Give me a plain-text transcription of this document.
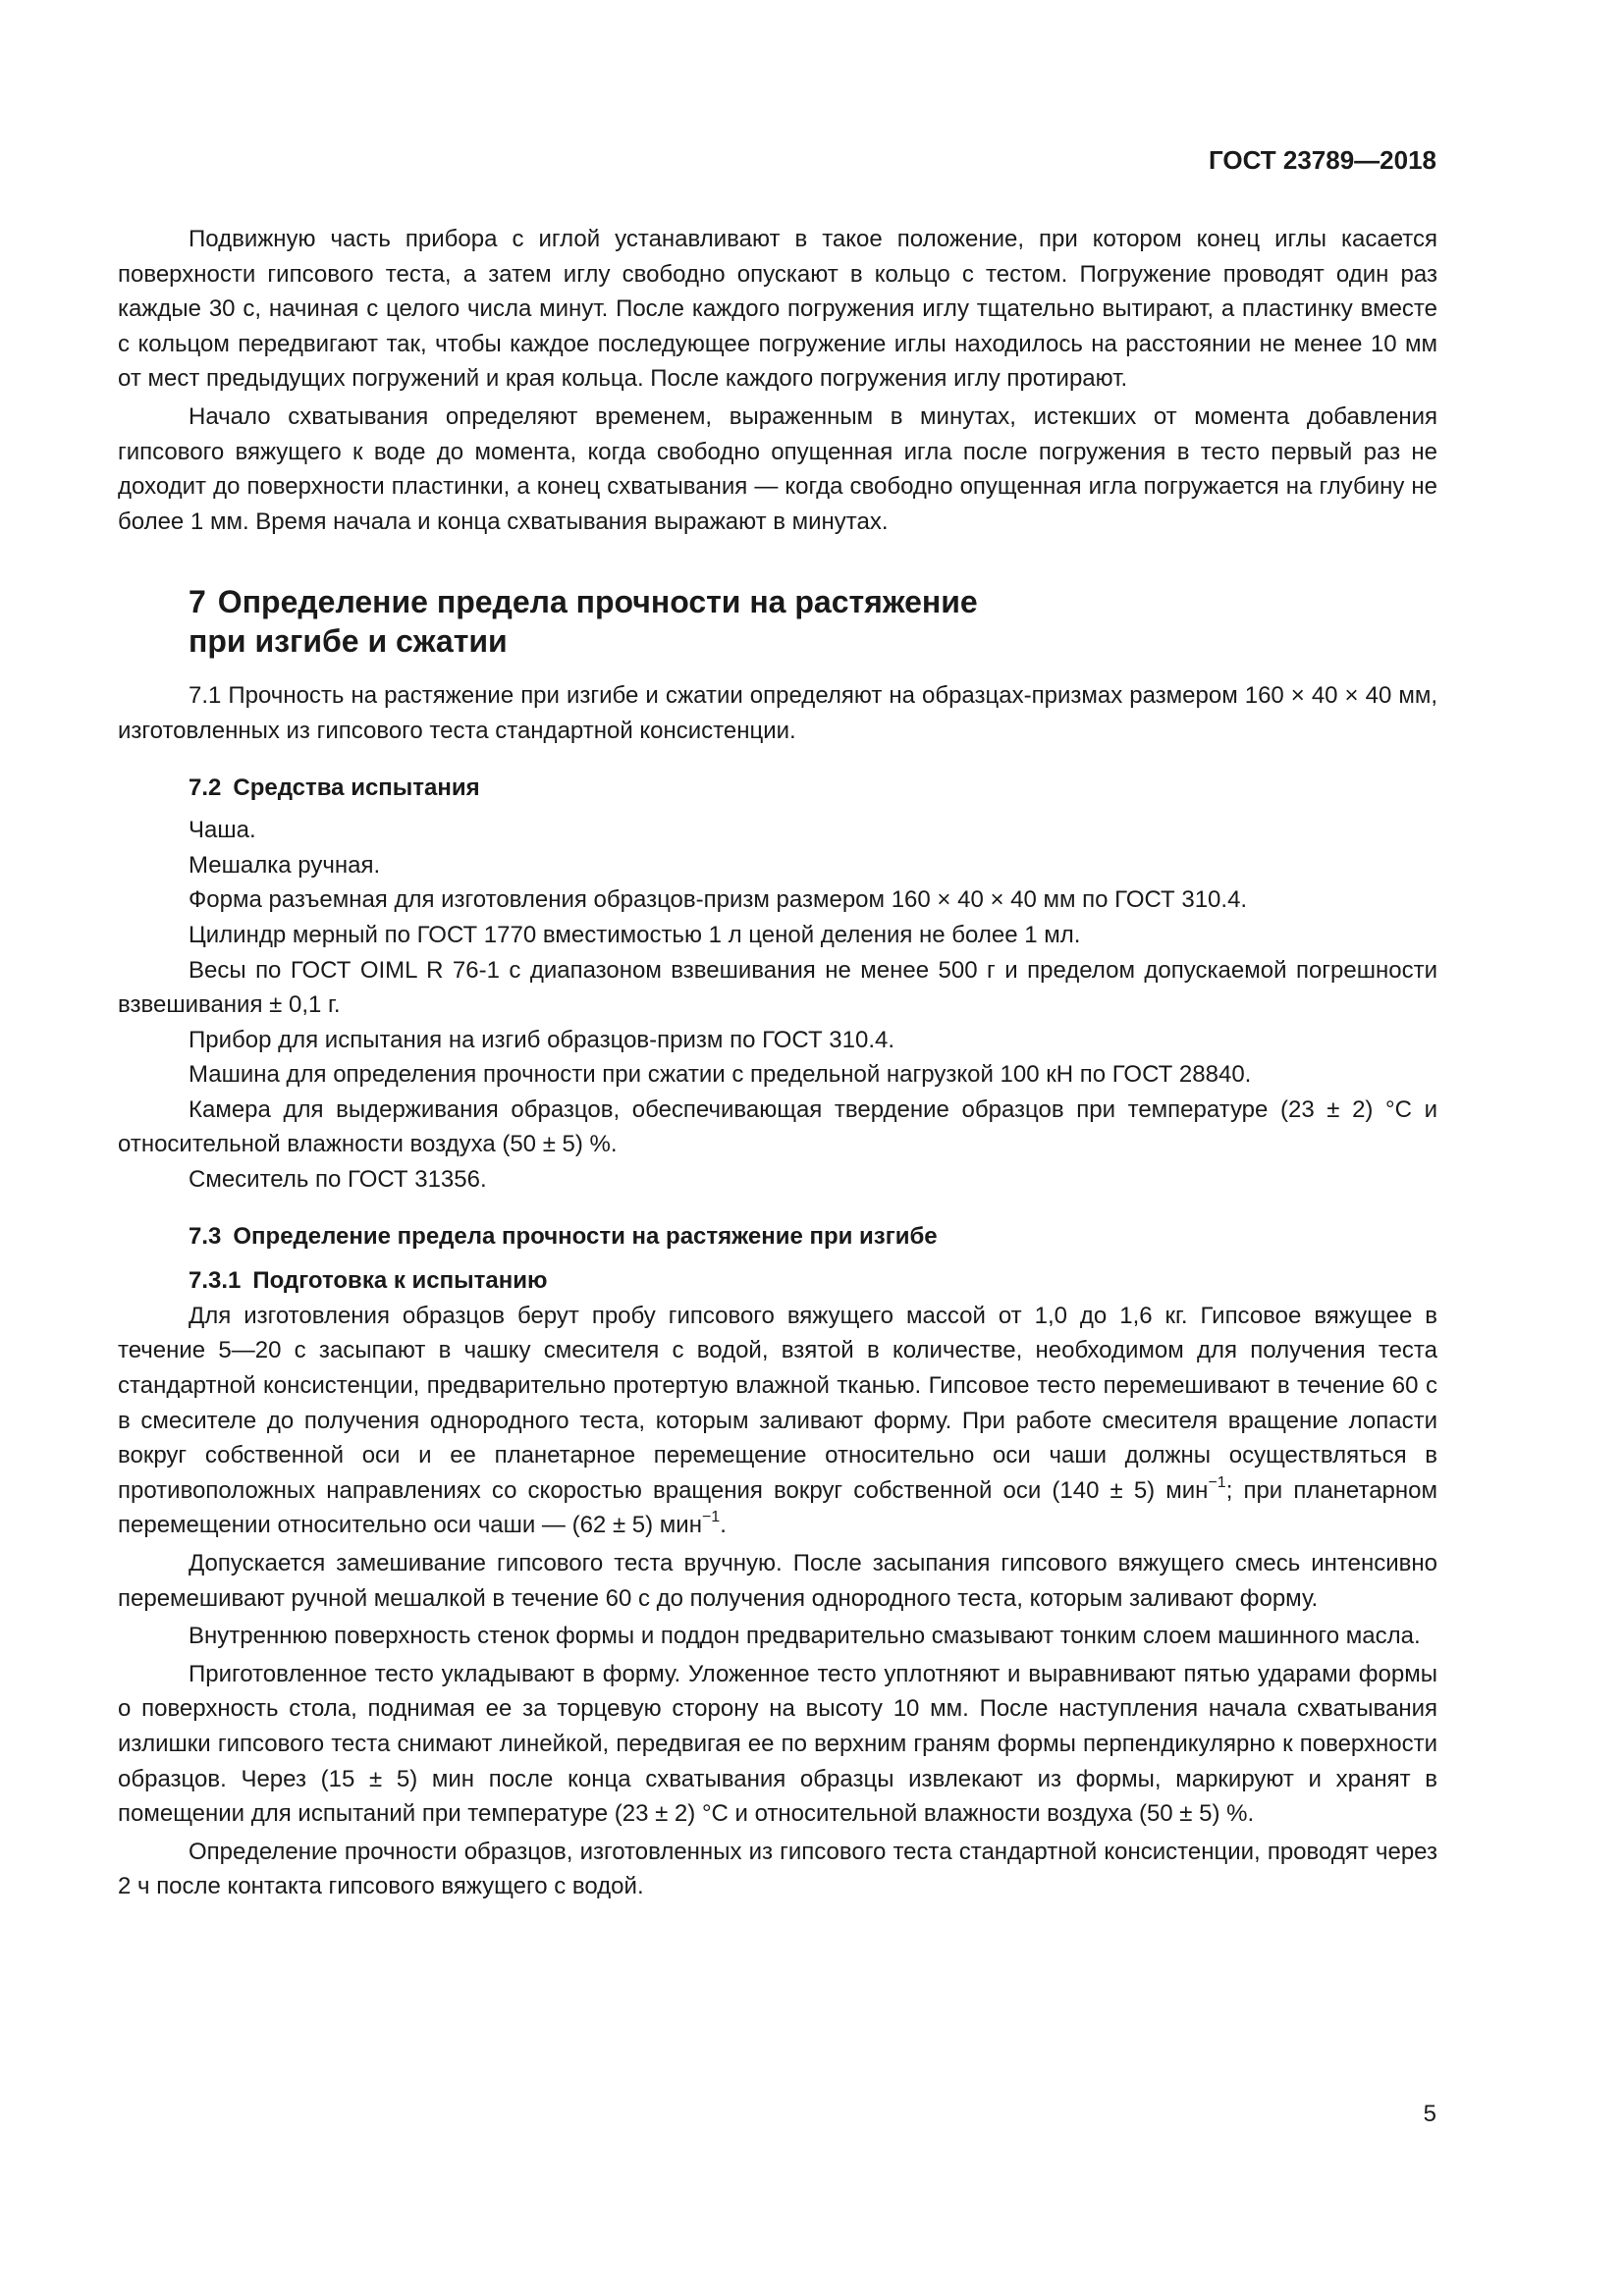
ГОСТ 23789—2018

Подвижную часть прибора с иглой устанавливают в такое положение, при котором конец иглы касается поверхности гипсового теста, а затем иглу свободно опускают в кольцо с тестом. Погружение проводят один раз каждые 30 с, начиная с целого числа минут. После каждого погружения иглу тщательно вытирают, а пластинку вместе с кольцом передвигают так, чтобы каждое последующее погружение иглы находилось на расстоянии не менее 10 мм от мест предыдущих погружений и края кольца. После каждого погружения иглу протирают.

Начало схватывания определяют временем, выраженным в минутах, истекших от момента добавления гипсового вяжущего к воде до момента, когда свободно опущенная игла после погружения в тесто первый раз не доходит до поверхности пластинки, а конец схватывания — когда свободно опущенная игла погружается на глубину не более 1 мм. Время начала и конца схватывания выражают в минутах.

7 Определение предела прочности на растяжение
при изгибе и сжатии

7.1 Прочность на растяжение при изгибе и сжатии определяют на образцах-призмах размером 160 × 40 × 40 мм, изготовленных из гипсового теста стандартной консистенции.

7.2 Средства испытания

Чаша.

Мешалка ручная.

Форма разъемная для изготовления образцов-призм размером 160 × 40 × 40 мм по ГОСТ 310.4.

Цилиндр мерный по ГОСТ 1770 вместимостью 1 л ценой деления не более 1 мл.

Весы по ГОСТ OIML R 76-1 с диапазоном взвешивания не менее 500 г и пределом допускаемой погрешности взвешивания ± 0,1 г.

Прибор для испытания на изгиб образцов-призм по ГОСТ 310.4.

Машина для определения прочности при сжатии с предельной нагрузкой 100 кН по ГОСТ 28840.

Камера для выдерживания образцов, обеспечивающая твердение образцов при температуре (23 ± 2) °С и относительной влажности воздуха (50 ± 5) %.

Смеситель по ГОСТ 31356.

7.3 Определение предела прочности на растяжение при изгибе
7.3.1 Подготовка к испытанию

Для изготовления образцов берут пробу гипсового вяжущего массой от 1,0 до 1,6 кг. Гипсовое вяжущее в течение 5—20 с засыпают в чашку смесителя с водой, взятой в количестве, необходимом для получения теста стандартной консистенции, предварительно протертую влажной тканью. Гипсовое тесто перемешивают в течение 60 с в смесителе до получения однородного теста, которым заливают форму. При работе смесителя вращение лопасти вокруг собственной оси и ее планетарное перемещение относительно оси чаши должны осуществляться в противоположных направлениях со скоростью вращения вокруг собственной оси (140 ± 5) мин$^{-1}$; при планетарном перемещении относительно оси чаши — (62 ± 5) мин$^{-1}$.

Допускается замешивание гипсового теста вручную. После засыпания гипсового вяжущего смесь интенсивно перемешивают ручной мешалкой в течение 60 с до получения однородного теста, которым заливают форму.

Внутреннюю поверхность стенок формы и поддон предварительно смазывают тонким слоем машинного масла.

Приготовленное тесто укладывают в форму. Уложенное тесто уплотняют и выравнивают пятью ударами формы о поверхность стола, поднимая ее за торцевую сторону на высоту 10 мм. После наступления начала схватывания излишки гипсового теста снимают линейкой, передвигая ее по верхним граням формы перпендикулярно к поверхности образцов. Через (15 ± 5) мин после конца схватывания образцы извлекают из формы, маркируют и хранят в помещении для испытаний при температуре (23 ± 2) °С и относительной влажности воздуха (50 ± 5) %.

Определение прочности образцов, изготовленных из гипсового теста стандартной консистенции, проводят через 2 ч после контакта гипсового вяжущего с водой.

5
